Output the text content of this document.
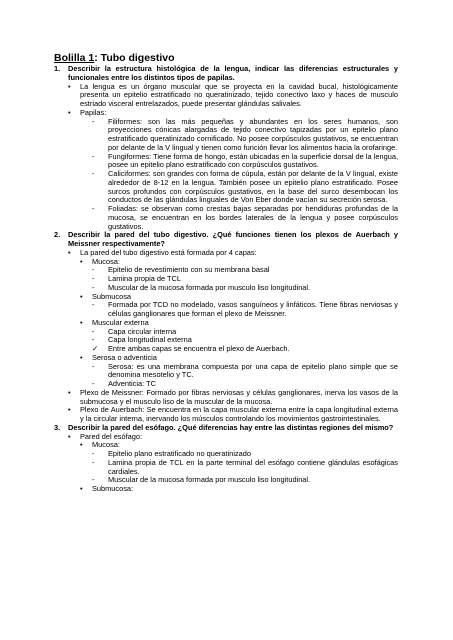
Bolilla 1: Tubo digestivo
1.	Describir la estructura histológica de la lengua, indicar las diferencias estructurales y funcionales entre los distintos tipos de papilas.
•	La lengua es un órgano muscular que se proyecta en la cavidad bucal, histológicamente presenta un epitelio estratificado no queratinizado, tejido conectivo laxo y haces de musculo estriado visceral entrelazados, puede presentar glándulas salivales.
•	Papilas:
-	Filiformes: son las más pequeñas y abundantes en los seres humanos, son proyecciones cónicas alargadas de tejido conectivo tapizadas por un epitelio plano estratificado queratinizado cornificado. No posee corpúsculos gustativos, se encuentran por delante de la V lingual y tienen como función llevar los alimentos hacia la orofaringe.
-	Fungiformes: Tiene forma de hongo, están ubicadas en la superficie dorsal de la lengua, posee un epitelio plano estratificado con corpúsculos gustativos.
-	Caliciformes: son grandes con forma de cúpula, están por delante de la V lingual, existe alrededor de 8-12 en la lengua. También posee un epitelio plano estratificado. Posee surcos profundos con corpúsculos gustativos, en la base del surco desembocan los conductos de las glándulas linguales de Von Eber donde vacían su secreción serosa.
-	Foliadas: se observan como crestas bajas separadas por hendiduras profundas de la mucosa, se encuentran en los bordes laterales de la lengua y posee corpúsculos gustativos.
2.	Describir la pared del tubo digestivo. ¿Qué funciones tienen los plexos de Auerbach y Meissner respectivamente?
•	La pared del tubo digestivo está formada por 4 capas:
•	Mucosa:
-	Epitelio de revestimiento con su membrana basal
-	Lamina propia de TCL
-	Muscular de la mucosa formada por musculo liso longitudinal.
•	Submucosa
-	Formada por TCD no modelado, vasos sanguíneos y linfáticos. Tiene fibras nerviosas y células ganglionares que forman el plexo de Meissner.
•	Muscular externa
-	Capa circular interna
-	Capa longitudinal externa
✓	Entre ambas capas se encuentra el plexo de Auerbach.
•	Serosa o adventicia
-	Serosa: es una membrana compuesta por una capa de epitelio plano simple que se denomina mesotelio y TC.
-	Adventicia: TC
•	Plexo de Meissner: Formado por fibras nerviosas y células ganglionares, inerva los vasos de la submucosa y el musculo liso de la muscular de la mucosa.
•	Plexo de Auerbach: Se encuentra en la capa muscular externa entre la capa longitudinal externa y la circular interna, inervando los músculos controlando los movimientos gastrointestinales.
3.	Describir la pared del esófago. ¿Qué diferencias hay entre las distintas regiones del mismo?
•	Pared del esófago:
•	Mucosa:
-	Epitelio plano estratificado no queratinizado
-	Lamina propia de TCL en la parte terminal del esófago contiene glándulas esofágicas cardiales.
-	Muscular de la mucosa formada por musculo liso longitudinal.
•	Submucosa:
